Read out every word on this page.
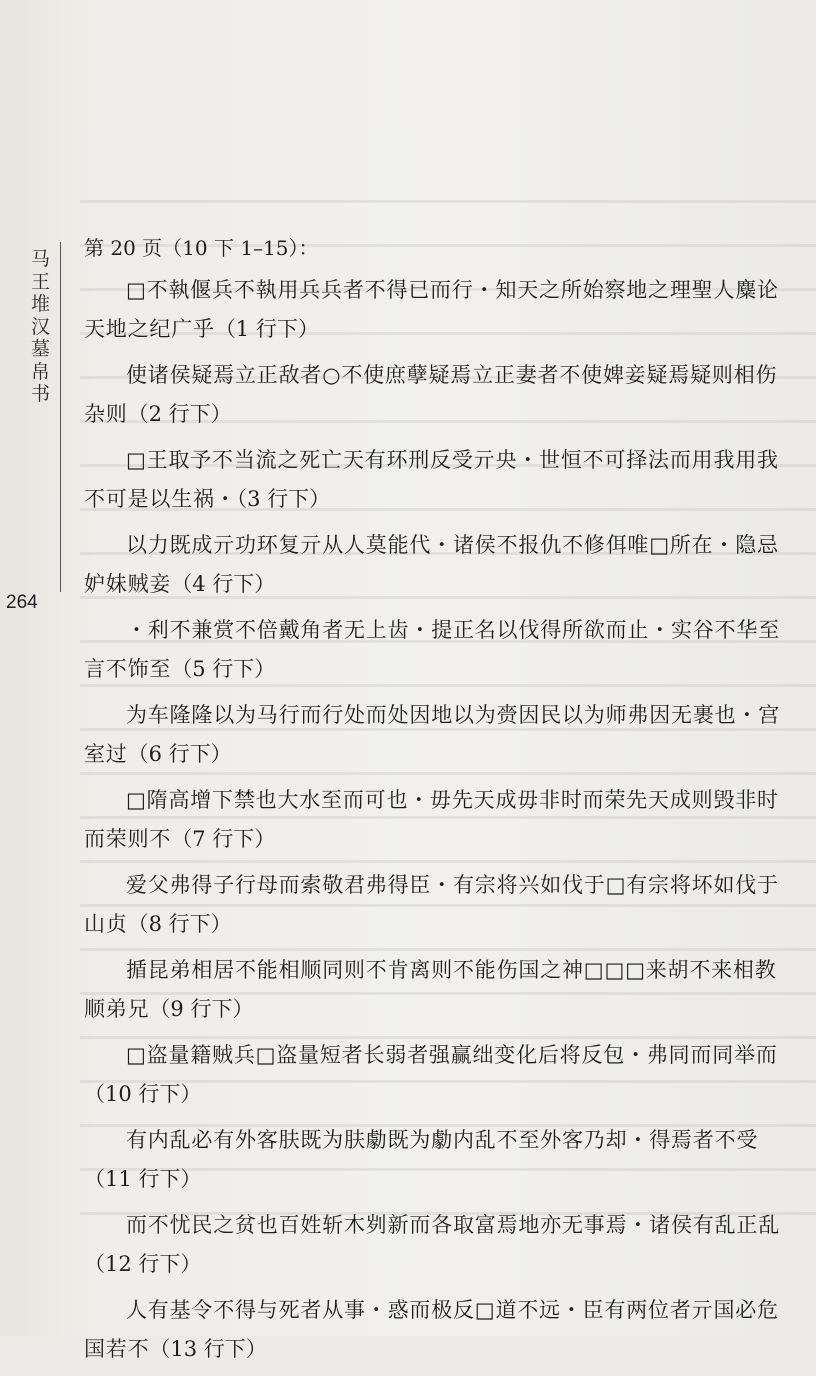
马王堆汉墓帛书
264
第 20 页（10 下 1–15）：
□不執偃兵不執用兵兵者不得已而行・知天之所始察地之理聖人麋论
天地之纪广乎（1 行下）
使诸侯疑焉立正敌者○不使庶孽疑焉立正妻者不使婢妾疑焉疑则相伤
杂则（2 行下）
□王取予不当流之死亡天有环刑反受亓央・世恒不可择法而用我用我
不可是以生祸・（3 行下）
以力既成亓功环复亓从人莫能代・诸侯不报仇不修佴唯□所在・隐忌
妒妹贼妾（4 行下）
・利不兼赏不倍戴角者无上齿・提正名以伐得所欲而止・实谷不华至
言不饰至（5 行下）
为车隆隆以为马行而行处而处因地以为赍因民以为师弗因无裹也・宫
室过（6 行下）
□隋高增下禁也大水至而可也・毋先天成毋非时而荣先天成则毁非时
而荣则不（7 行下）
爱父弗得子行母而索敬君弗得臣・有宗将兴如伐于□有宗将坏如伐于
山贞（8 行下）
揗昆弟相居不能相顺同则不肯离则不能伤国之神□□□来胡不来相教
顺弟兄（9 行下）
□盗量籍贼兵□盗量短者长弱者强赢绌变化后将反包・弗同而同举而
（10 行下）
有内乱必有外客肤既为肤勮既为勮内乱不至外客乃却・得焉者不受
（11 行下）
而不忧民之贫也百姓斩木刿新而各取富焉地亦无事焉・诸侯有乱正乱
（12 行下）
人有基令不得与死者从事・惑而极反□道不远・臣有两位者亓国必危
国若不（13 行下）
